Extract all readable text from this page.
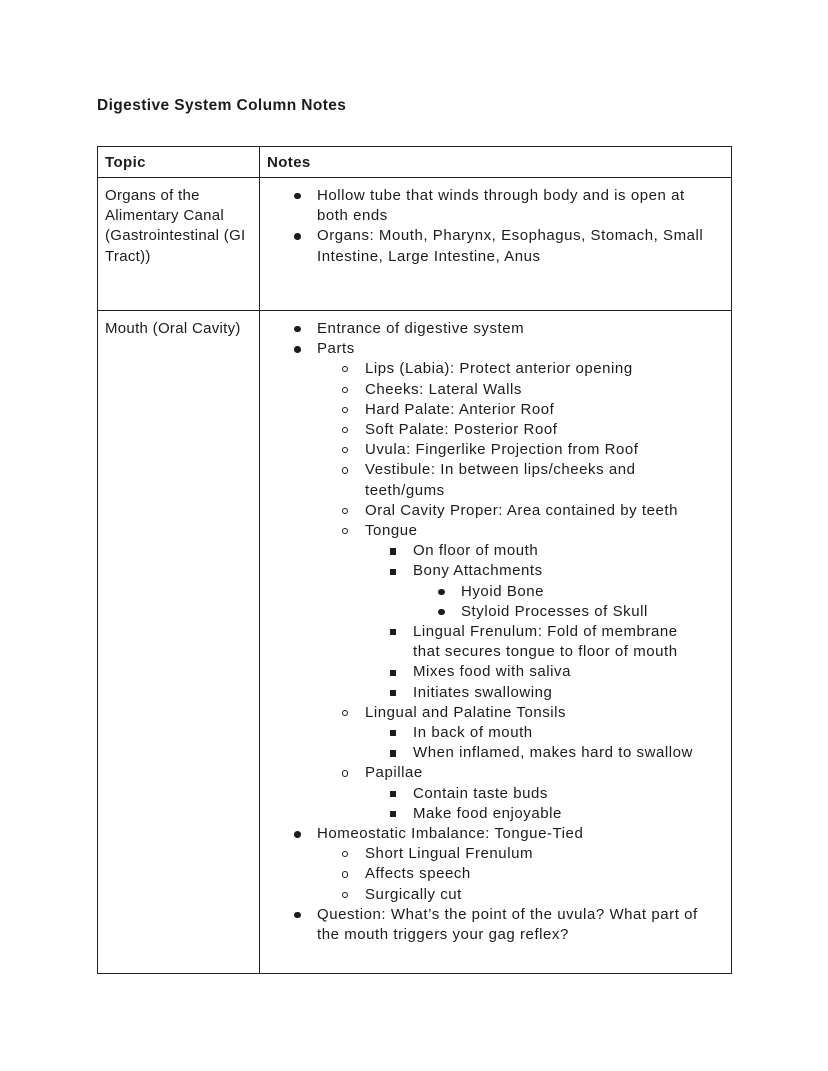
Digestive System Column Notes
Topic	Notes
Organs of the Alimentary Canal (Gastrointestinal (GI Tract))	Hollow tube that winds through body and is open at both ends
Organs: Mouth, Pharynx, Esophagus, Stomach, Small Intestine, Large Intestine, Anus

Mouth (Oral Cavity)	Entrance of digestive system
Parts
Lips (Labia): Protect anterior opening
Cheeks: Lateral Walls
Hard Palate: Anterior Roof
Soft Palate: Posterior Roof
Uvula: Fingerlike Projection from Roof
Vestibule: In between lips/cheeks and teeth/gums
Oral Cavity Proper: Area contained by teeth
Tongue
On floor of mouth
Bony Attachments
Hyoid Bone
Styloid Processes of Skull
Lingual Frenulum: Fold of membrane that secures tongue to floor of mouth
Mixes food with saliva
Initiates swallowing
Lingual and Palatine Tonsils
In back of mouth
When inflamed, makes hard to swallow
Papillae
Contain taste buds
Make food enjoyable
Homeostatic Imbalance: Tongue-Tied
Short Lingual Frenulum
Affects speech
Surgically cut
Question: What’s the point of the uvula? What part of the mouth triggers your gag reflex?
